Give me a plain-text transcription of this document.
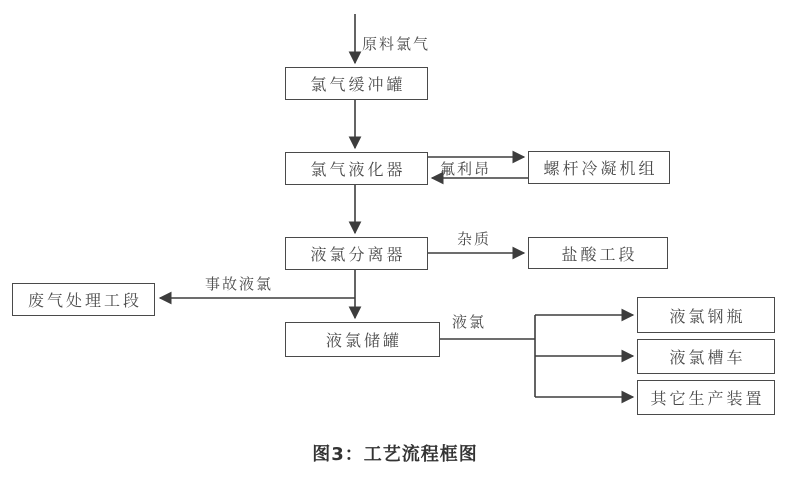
氯气缓冲罐
氯气液化器	螺杆冷凝机组
液氯分离器	盐酸工段
废气处理工段
液氯储罐
液氯钢瓶
液氯槽车
其它生产装置
原料氯气
氟利昂
杂质
事故液氯
液氯
图3：工艺流程框图
